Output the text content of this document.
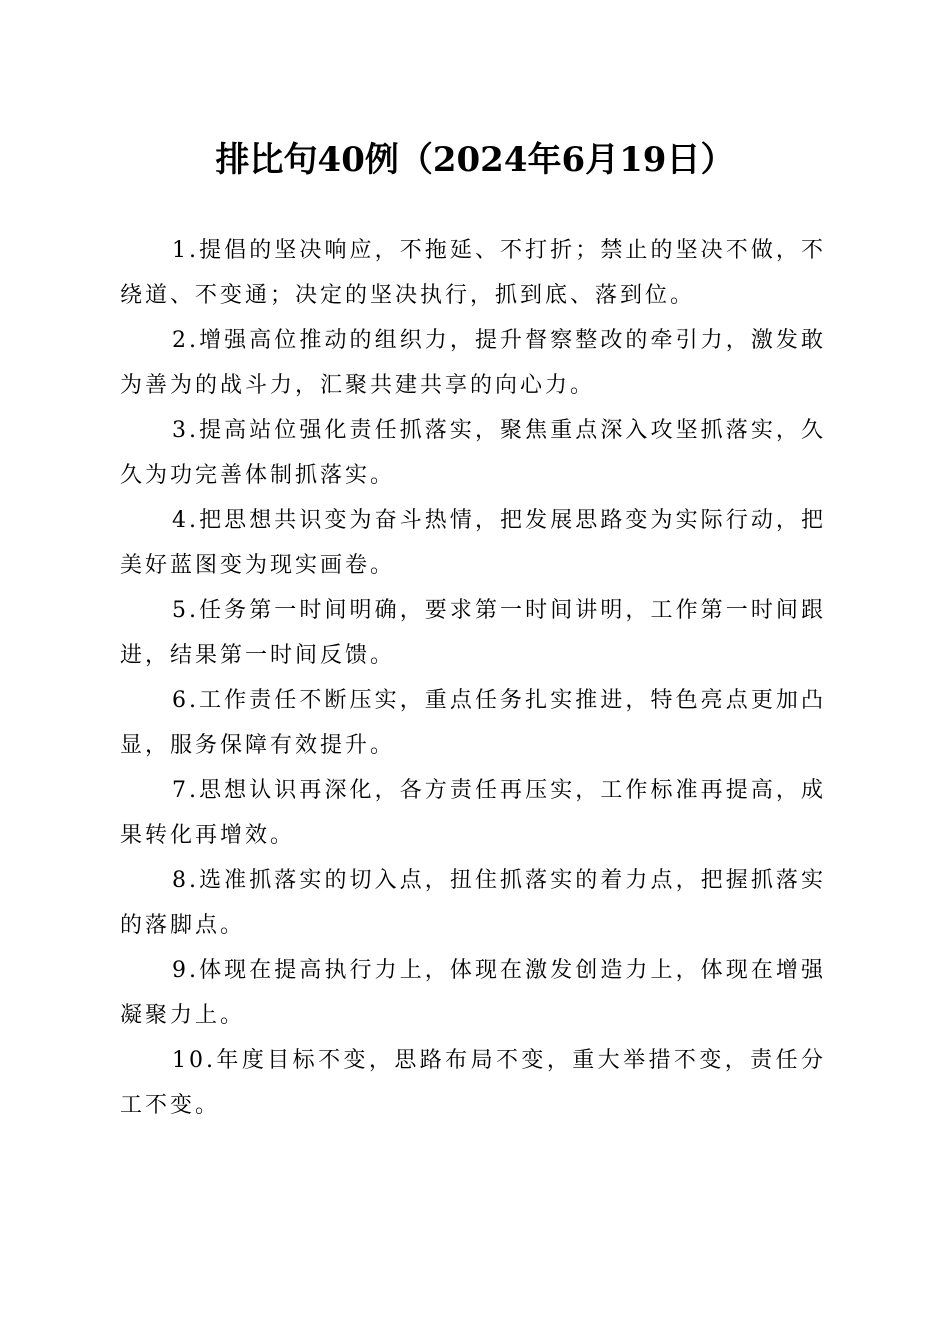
排比句40例（2024年6月19日）

1.提倡的坚决响应，不拖延、不打折；禁止的坚决不做，不绕道、不变通；决定的坚决执行，抓到底、落到位。

2.增强高位推动的组织力，提升督察整改的牵引力，激发敢为善为的战斗力，汇聚共建共享的向心力。

3.提高站位强化责任抓落实，聚焦重点深入攻坚抓落实，久久为功完善体制抓落实。

4.把思想共识变为奋斗热情，把发展思路变为实际行动，把美好蓝图变为现实画卷。

5.任务第一时间明确，要求第一时间讲明，工作第一时间跟进，结果第一时间反馈。

6.工作责任不断压实，重点任务扎实推进，特色亮点更加凸显，服务保障有效提升。

7.思想认识再深化，各方责任再压实，工作标准再提高，成果转化再增效。

8.选准抓落实的切入点，扭住抓落实的着力点，把握抓落实的落脚点。

9.体现在提高执行力上，体现在激发创造力上，体现在增强凝聚力上。

10.年度目标不变，思路布局不变，重大举措不变，责任分工不变。
